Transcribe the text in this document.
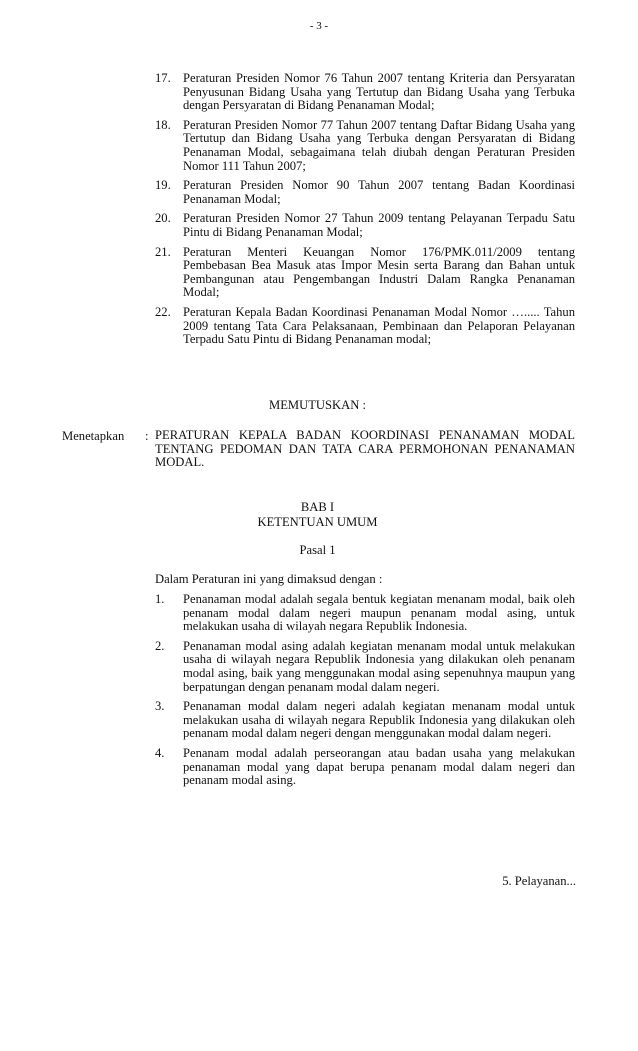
- 3 -
17. Peraturan Presiden Nomor 76 Tahun 2007 tentang Kriteria dan Persyaratan Penyusunan Bidang Usaha yang Tertutup dan Bidang Usaha yang Terbuka dengan Persyaratan di Bidang Penanaman Modal;
18. Peraturan Presiden Nomor 77 Tahun 2007 tentang Daftar Bidang Usaha yang Tertutup dan Bidang Usaha yang Terbuka dengan Persyaratan di Bidang Penanaman Modal, sebagaimana telah diubah dengan Peraturan Presiden Nomor 111 Tahun 2007;
19. Peraturan Presiden Nomor 90 Tahun 2007 tentang Badan Koordinasi Penanaman Modal;
20. Peraturan Presiden Nomor 27 Tahun 2009 tentang Pelayanan Terpadu Satu Pintu di Bidang Penanaman Modal;
21. Peraturan Menteri Keuangan Nomor 176/PMK.011/2009 tentang Pembebasan Bea Masuk atas Impor Mesin serta Barang dan Bahan untuk Pembangunan atau Pengembangan Industri Dalam Rangka Penanaman Modal;
22. Peraturan Kepala Badan Koordinasi Penanaman Modal Nomor …..... Tahun 2009 tentang Tata Cara Pelaksanaan, Pembinaan dan Pelaporan Pelayanan Terpadu Satu Pintu di Bidang Penanaman modal;
MEMUTUSKAN :
Menetapkan : PERATURAN KEPALA BADAN KOORDINASI PENANAMAN MODAL TENTANG PEDOMAN DAN TATA CARA PERMOHONAN PENANAMAN MODAL.
BAB I
KETENTUAN UMUM
Pasal 1
Dalam Peraturan ini yang dimaksud dengan :
1. Penanaman modal adalah segala bentuk kegiatan menanam modal, baik oleh penanam modal dalam negeri maupun penanam modal asing, untuk melakukan usaha di wilayah negara Republik Indonesia.
2. Penanaman modal asing adalah kegiatan menanam modal untuk melakukan usaha di wilayah negara Republik Indonesia yang dilakukan oleh penanam modal asing, baik yang menggunakan modal asing sepenuhnya maupun yang berpatungan dengan penanam modal dalam negeri.
3. Penanaman modal dalam negeri adalah kegiatan menanam modal untuk melakukan usaha di wilayah negara Republik Indonesia yang dilakukan oleh penanam modal dalam negeri dengan menggunakan modal dalam negeri.
4. Penanam modal adalah perseorangan atau badan usaha yang melakukan penanaman modal yang dapat berupa penanam modal dalam negeri dan penanam modal asing.
5. Pelayanan...
